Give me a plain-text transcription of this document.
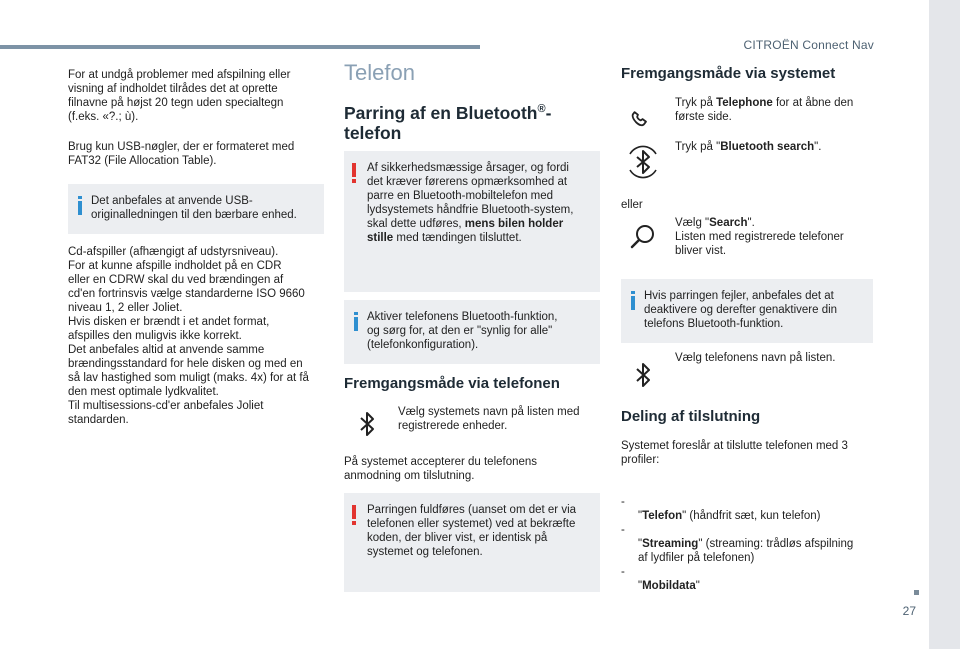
CITROËN Connect Nav
27
For at undgå problemer med afspilning eller
visning af indholdet tilrådes det at oprette
filnavne på højst 20 tegn uden specialtegn
(f.eks. «?.; ù).
Brug kun USB-nøgler, der er formateret med
FAT32 (File Allocation Table).
Det anbefales at anvende USB-
originalledningen til den bærbare enhed.
Cd-afspiller (afhængigt af udstyrsniveau).
For at kunne afspille indholdet på en CDR
eller en CDRW skal du ved brændingen af
cd'en fortrinsvis vælge standarderne ISO 9660
niveau 1, 2 eller Joliet.
Hvis disken er brændt i et andet format,
afspilles den muligvis ikke korrekt.
Det anbefales altid at anvende samme
brændingsstandard for hele disken og med en
så lav hastighed som muligt (maks. 4x) for at få
den mest optimale lydkvalitet.
Til multisessions-cd'er anbefales Joliet
standarden.
Telefon
Parring af en Bluetooth®-
telefon
Af sikkerhedsmæssige årsager, og fordi
det kræver førerens opmærksomhed at
parre en Bluetooth-mobiltelefon med
lydsystemets håndfrie Bluetooth-system,
skal dette udføres, mens bilen holder
stille med tændingen tilsluttet.
Aktiver telefonens Bluetooth-funktion,
og sørg for, at den er "synlig for alle"
(telefonkonfiguration).
Fremgangsmåde via telefonen
Vælg systemets navn på listen med
registrerede enheder.
På systemet accepterer du telefonens
anmodning om tilslutning.
Parringen fuldføres (uanset om det er via
telefonen eller systemet) ved at bekræfte
koden, der bliver vist, er identisk på
systemet og telefonen.
Fremgangsmåde via systemet
Tryk på Telephone for at åbne den
første side.
Tryk på "Bluetooth search".
eller
Vælg "Search".
Listen med registrerede telefoner
bliver vist.
Hvis parringen fejler, anbefales det at
deaktivere og derefter genaktivere din
telefons Bluetooth-funktion.
Vælg telefonens navn på listen.
Deling af tilslutning
Systemet foreslår at tilslutte telefonen med 3
profiler:

-

"Telefon" (håndfrit sæt, kun telefon)

-

"Streaming" (streaming: trådløs afspilning
af lydfiler på telefonen)

-

"Mobildata"
